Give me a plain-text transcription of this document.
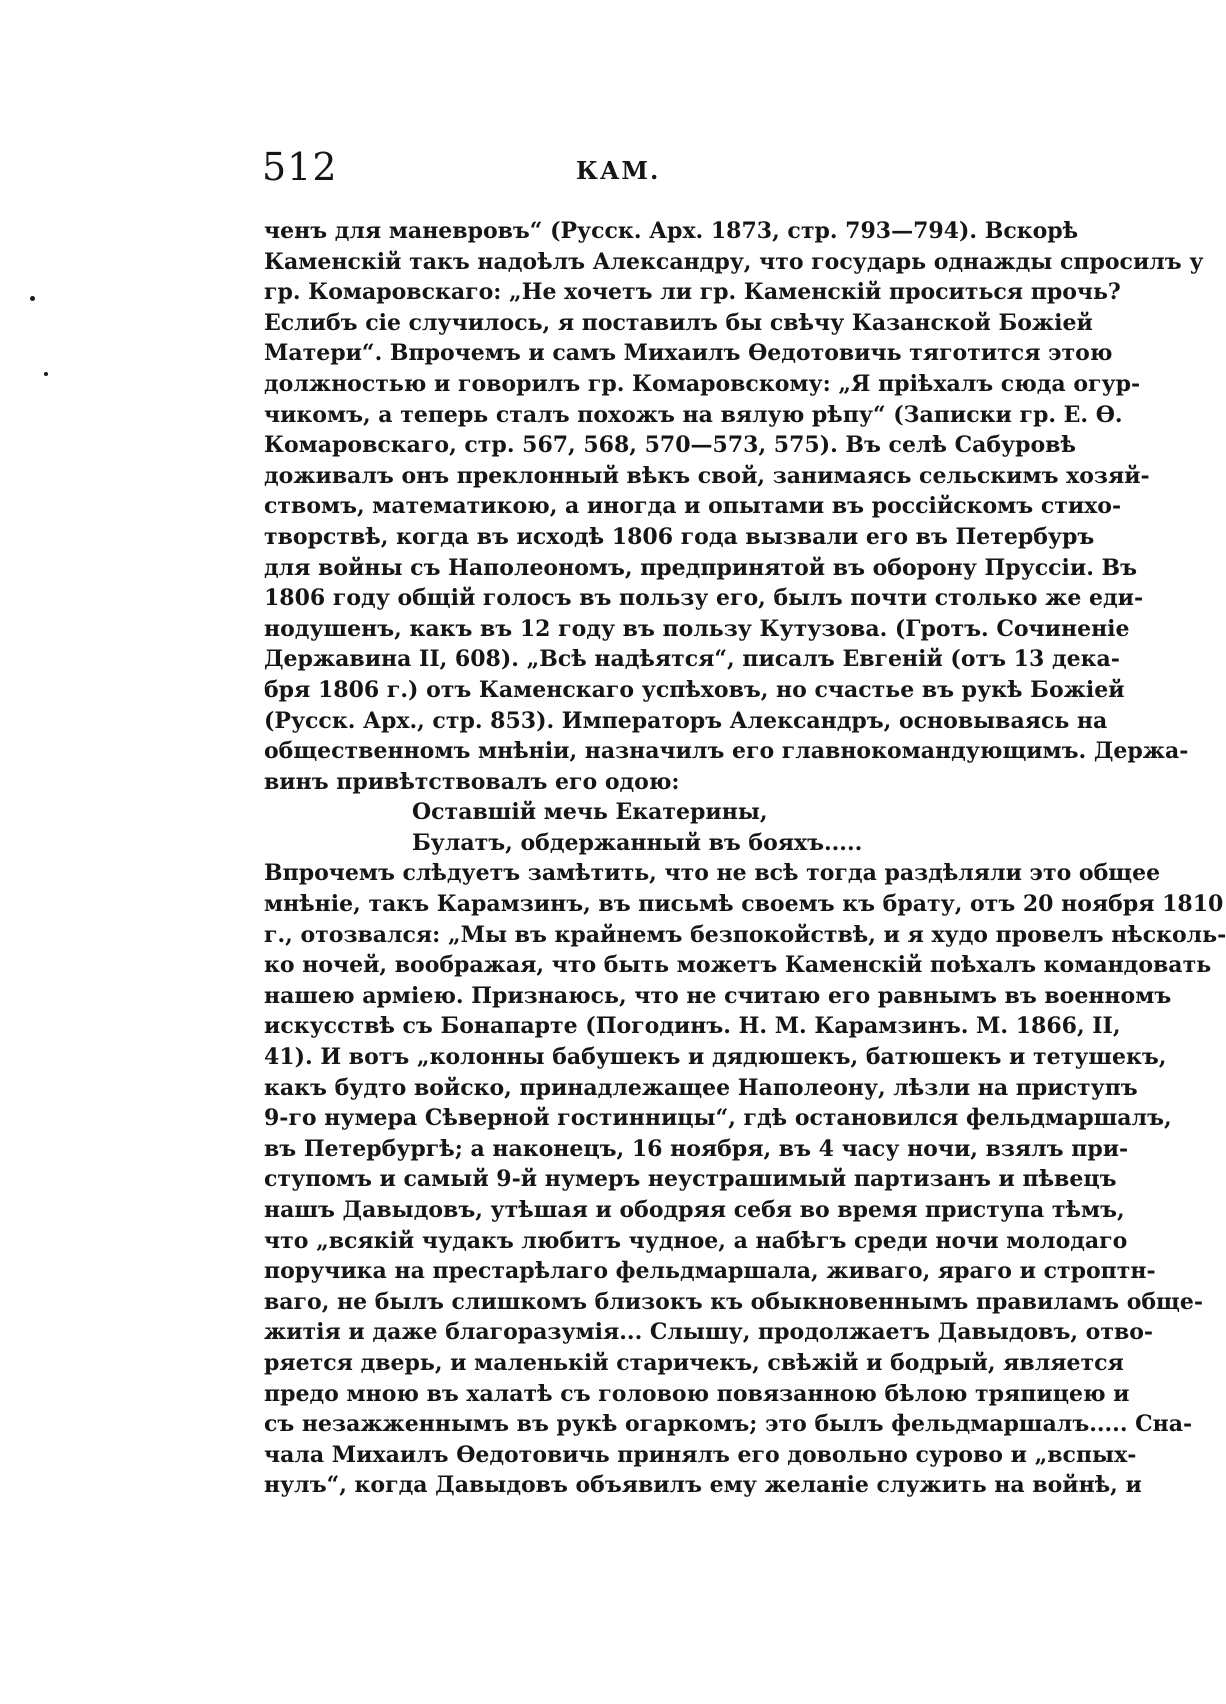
512	КАМ.
ченъ для маневровъ“ (Русск. Арх. 1873, стр. 793—794). Вскорѣ
Каменскій такъ надоѣлъ Александру, что государь однажды спросилъ у
гр. Комаровскаго: „Не хочетъ ли гр. Каменскій проситься прочь?
Еслибъ сіе случилось, я поставилъ бы свѣчу Казанской Божіей
Матери“. Впрочемъ и самъ Михаилъ Ѳедотовичь тяготится этою
должностью и говорилъ гр. Комаровскому: „Я пріѣхалъ сюда огур-
чикомъ, а теперь сталъ похожъ на вялую рѣпу“ (Записки гр. Е. Ѳ.
Комаровскаго, стр. 567, 568, 570—573, 575). Въ селѣ Сабуровѣ
доживалъ онъ преклонный вѣкъ свой, занимаясь сельскимъ хозяй-
ствомъ, математикою, а иногда и опытами въ россійскомъ стихо-
творствѣ, когда въ исходѣ 1806 года вызвали его въ Петербуръ
для войны съ Наполеономъ, предпринятой въ оборону Пруссіи. Въ
1806 году общій голосъ въ пользу его, былъ почти столько же еди-
нодушенъ, какъ въ 12 году въ пользу Кутузова. (Гротъ. Сочиненіе
Державина II, 608). „Всѣ надѣятся“, писалъ Евгеній (отъ 13 дека-
бря 1806 г.) отъ Каменскаго успѣховъ, но счастье въ рукѣ Божіей
(Русск. Арх., стр. 853). Императоръ Александръ, основываясь на
общественномъ мнѣніи, назначилъ его главнокомандующимъ. Держа-
винъ привѣтствовалъ его одою:
Оставшій мечь Екатерины,
Булатъ, обдержанный въ бояхъ.....
Впрочемъ слѣдуетъ замѣтить, что не всѣ тогда раздѣляли это общее
мнѣніе, такъ Карамзинъ, въ письмѣ своемъ къ брату, отъ 20 ноября 1810
г., отозвался: „Мы въ крайнемъ безпокойствѣ, и я худо провелъ нѣсколь-
ко ночей, воображая, что быть можетъ Каменскій поѣхалъ командовать
нашею арміею. Признаюсь, что не считаю его равнымъ въ военномъ
искусствѣ съ Бонапарте (Погодинъ. Н. М. Карамзинъ. М. 1866, II,
41). И вотъ „колонны бабушекъ и дядюшекъ, батюшекъ и тетушекъ,
какъ будто войско, принадлежащее Наполеону, лѣзли на приступъ
9-го нумера Сѣверной гостинницы“, гдѣ остановился фельдмаршалъ,
въ Петербургѣ; а наконецъ, 16 ноября, въ 4 часу ночи, взялъ при-
ступомъ и самый 9-й нумеръ неустрашимый партизанъ и пѣвецъ
нашъ Давыдовъ, утѣшая и ободряя себя во время приступа тѣмъ,
что „всякій чудакъ любитъ чудное, а набѣгъ среди ночи молодаго
поручика на престарѣлаго фельдмаршала, живаго, яраго и строптн-
ваго, не былъ слишкомъ близокъ къ обыкновеннымъ правиламъ обще-
житія и даже благоразумія... Слышу, продолжаетъ Давыдовъ, отво-
ряется дверь, и маленькій старичекъ, свѣжій и бодрый, является
предо мною въ халатѣ съ головою повязанною бѣлою тряпицею и
съ незажженнымъ въ рукѣ огаркомъ; это былъ фельдмаршалъ..... Сна-
чала Михаилъ Ѳедотовичь принялъ его довольно сурово и „вспых-
нулъ“, когда Давыдовъ объявилъ ему желаніе служить на войнѣ, и
